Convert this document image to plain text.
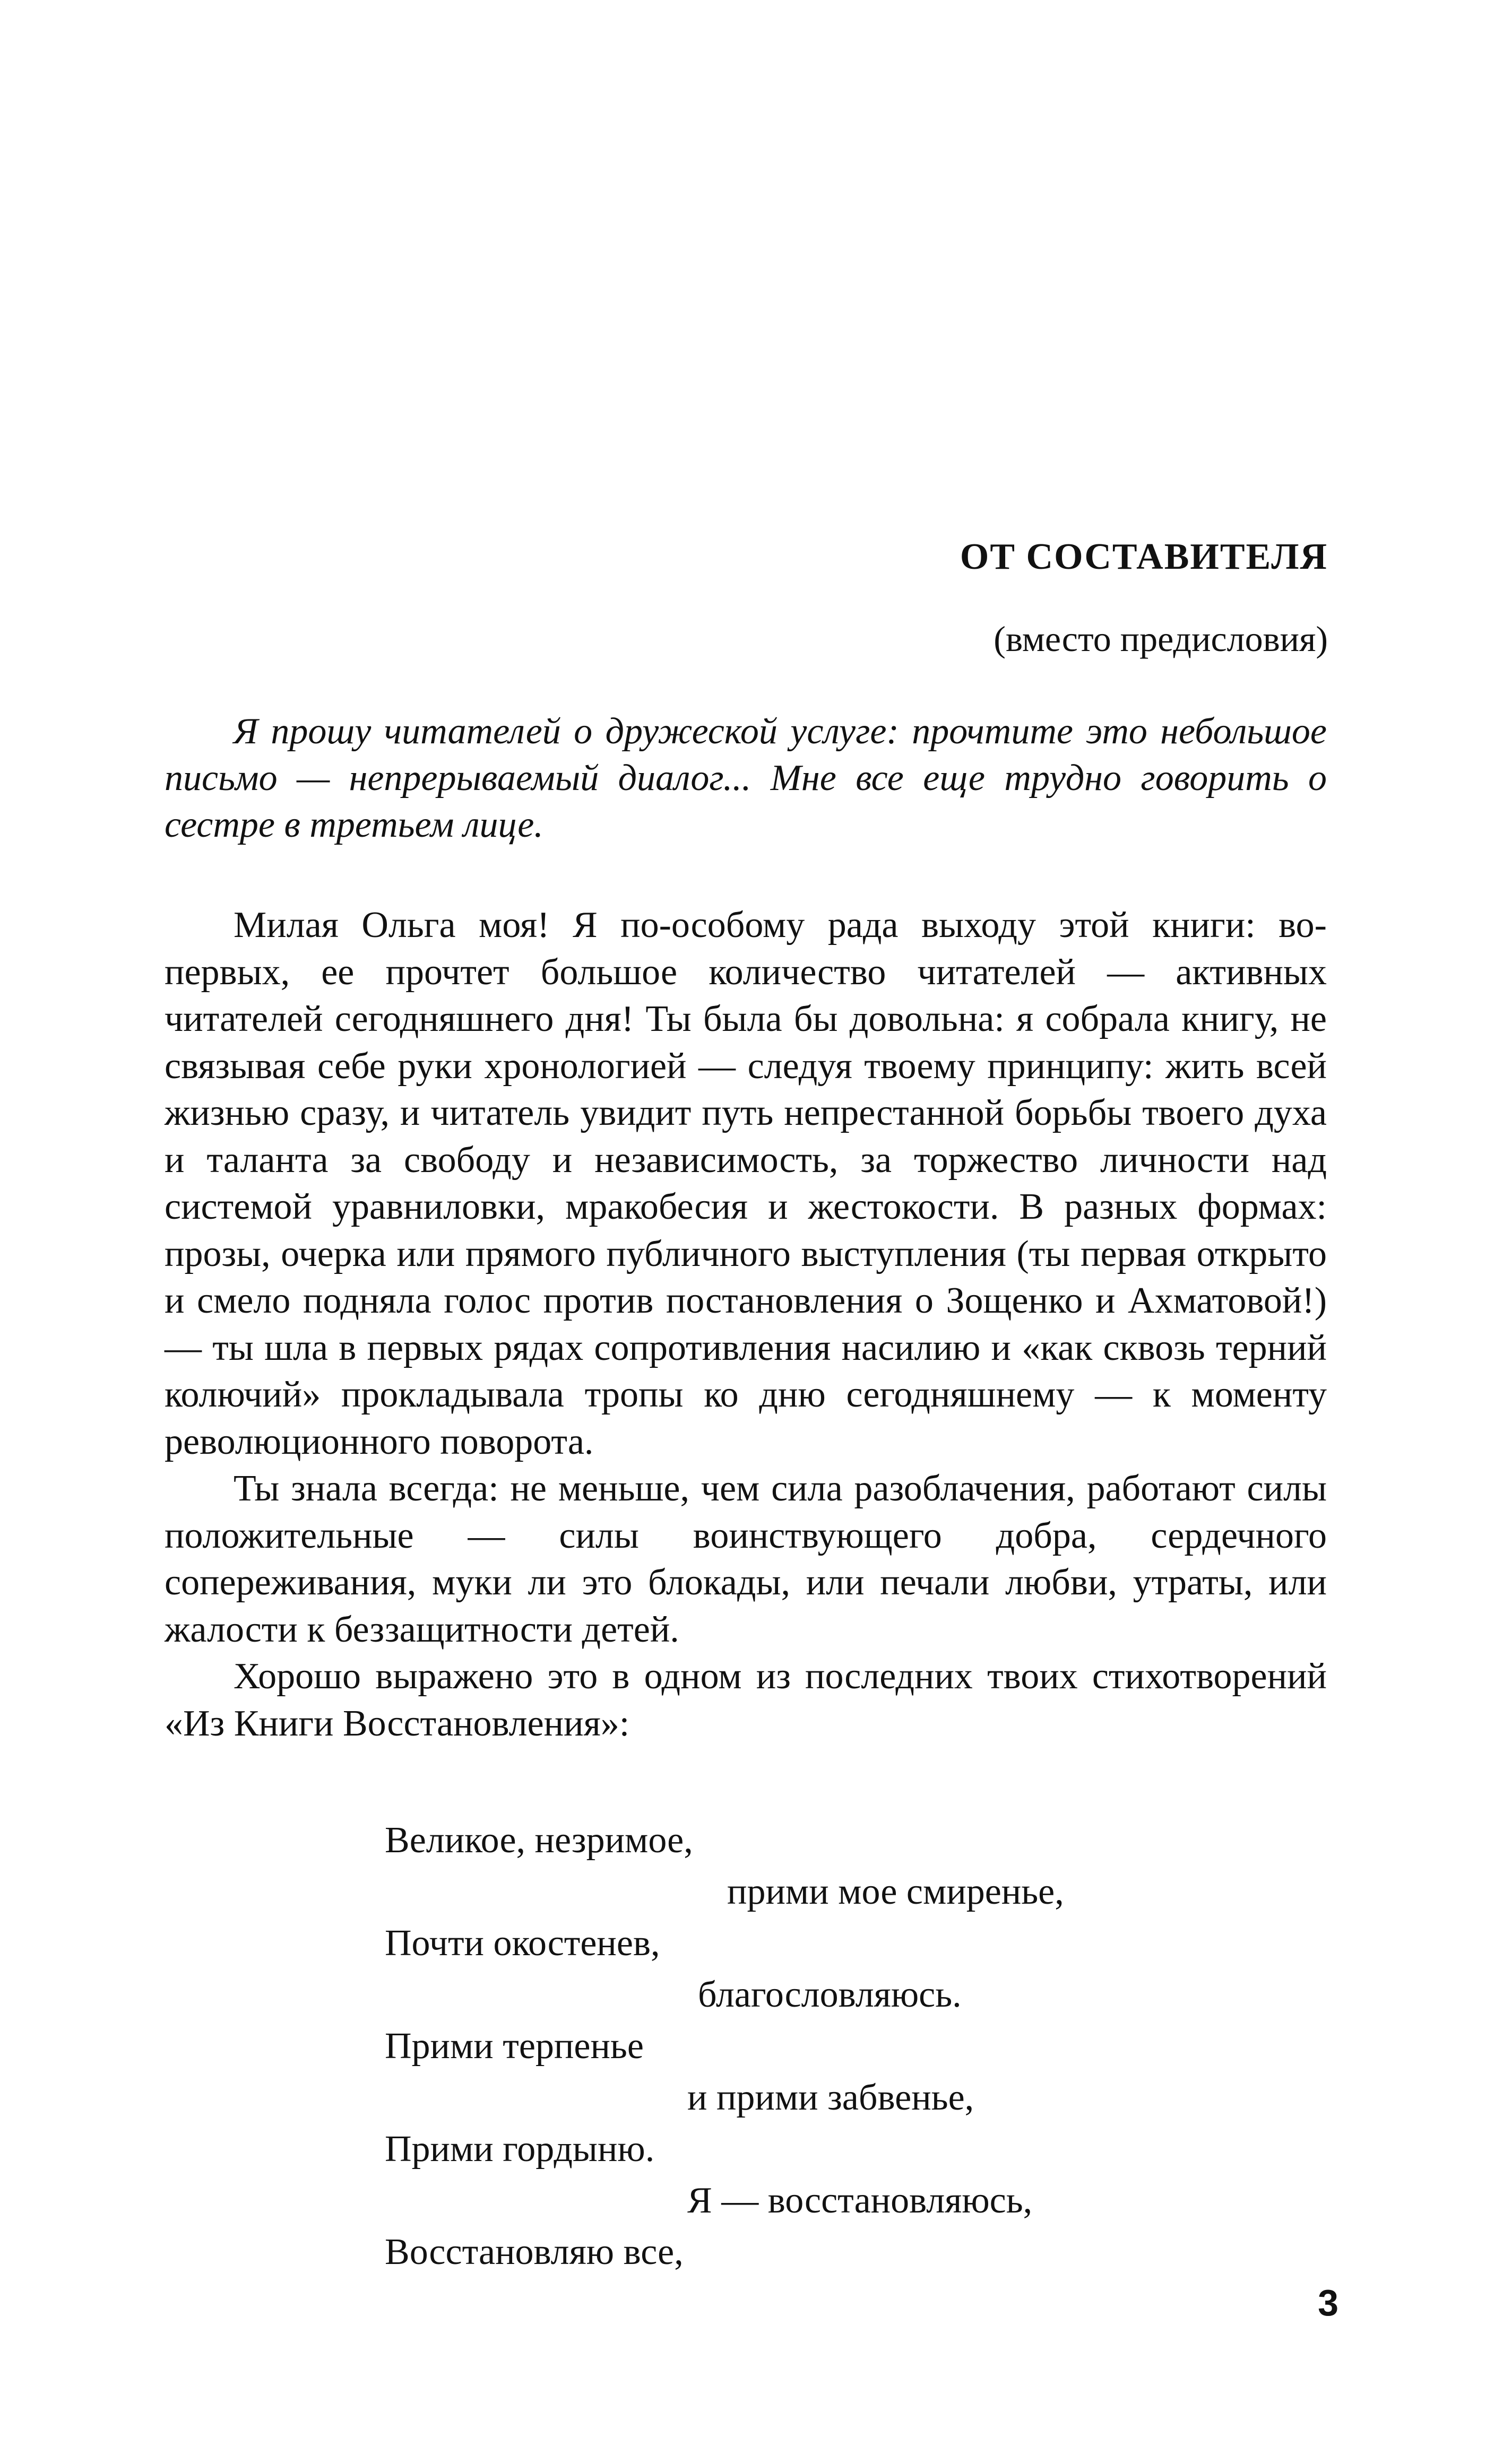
ОТ СОСТАВИТЕЛЯ
(вместо предисловия)

Я прошу читателей о дружеской услуге: прочтите это небольшое письмо — непрерываемый диалог... Мне все еще трудно говорить о сестре в третьем лице.

Милая Ольга моя! Я по-особому рада выходу этой книги: во-первых, ее прочтет большое количество читателей — активных читателей сегодняшнего дня! Ты была бы довольна: я собрала книгу, не связывая себе руки хронологией — следуя твоему принципу: жить всей жизнью сразу, и читатель увидит путь непрестанной борьбы твоего духа и таланта за свободу и независимость, за торжество личности над системой уравниловки, мракобесия и жестокости. В разных формах: прозы, очерка или прямого публичного выступления (ты первая открыто и смело подняла голос против постановления о Зощенко и Ахматовой!) — ты шла в первых рядах сопротивления насилию и «как сквозь терний колючий» прокладывала тропы ко дню сегодняшнему — к моменту революционного поворота.

Ты знала всегда: не меньше, чем сила разоблачения, работают силы положительные — силы воинствующего добра, сердечного сопереживания, муки ли это блокады, или печали любви, утраты, или жалости к беззащитности детей.

Хорошо выражено это в одном из последних твоих стихотворений «Из Книги Восстановления»:

Великое, незримое,
прими мое смиренье,
Почти окостенев,
благословляюсь.
Прими терпенье
и прими забвенье,
Прими гордыню.
Я — восстановляюсь,
Восстановляю все,
3
